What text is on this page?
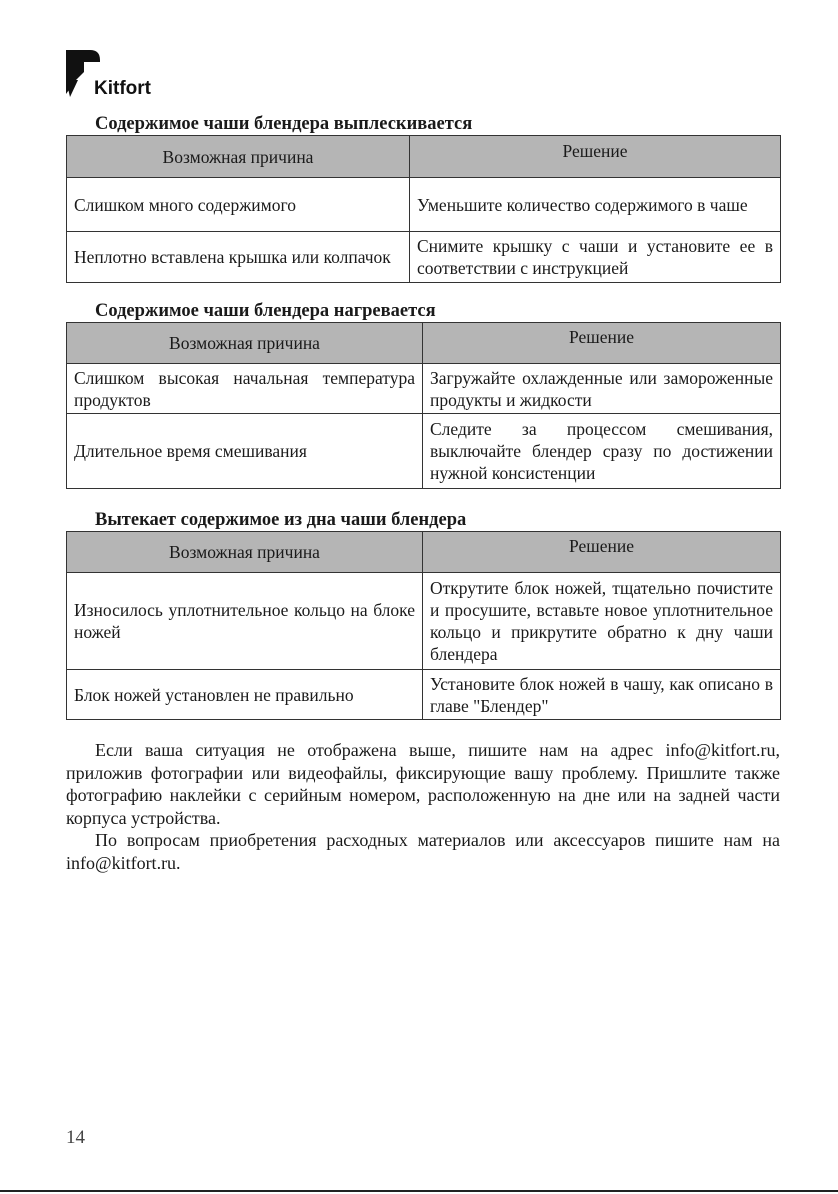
Kitfort
Содержимое чаши блендера выплескивается
Возможная причина	Решение
Слишком много содержимого	Уменьшите количество содержимого в чаше
Неплотно вставлена крышка или колпачок	Снимите крышку с чаши и установите ее в соответствии с инструкцией
Содержимое чаши блендера нагревается
Возможная причина	Решение
Слишком высокая начальная температура продуктов	Загружайте охлажденные или замороженные продукты и жидкости
Длительное время смешивания	Следите за процессом смешивания, выключайте блендер сразу по достижении нужной консистенции
Вытекает содержимое из дна чаши блендера
Возможная причина	Решение
Износилось уплотнительное кольцо на блоке ножей	Открутите блок ножей, тщательно почистите и просушите, вставьте новое уплотнительное кольцо и прикрутите обратно к дну чаши блендера
Блок ножей установлен не правильно	Установите блок ножей в чашу, как описано в главе "Блендер"

Если ваша ситуация не отображена выше, пишите нам на адрес info@kitfort.ru, приложив фотографии или видеофайлы, фиксирующие вашу проблему. Пришлите также фотографию наклейки с серийным номером, расположенную на дне или на задней части корпуса устройства.

По вопросам приобретения расходных материалов или аксессуаров пишите нам на info@kitfort.ru.

14
